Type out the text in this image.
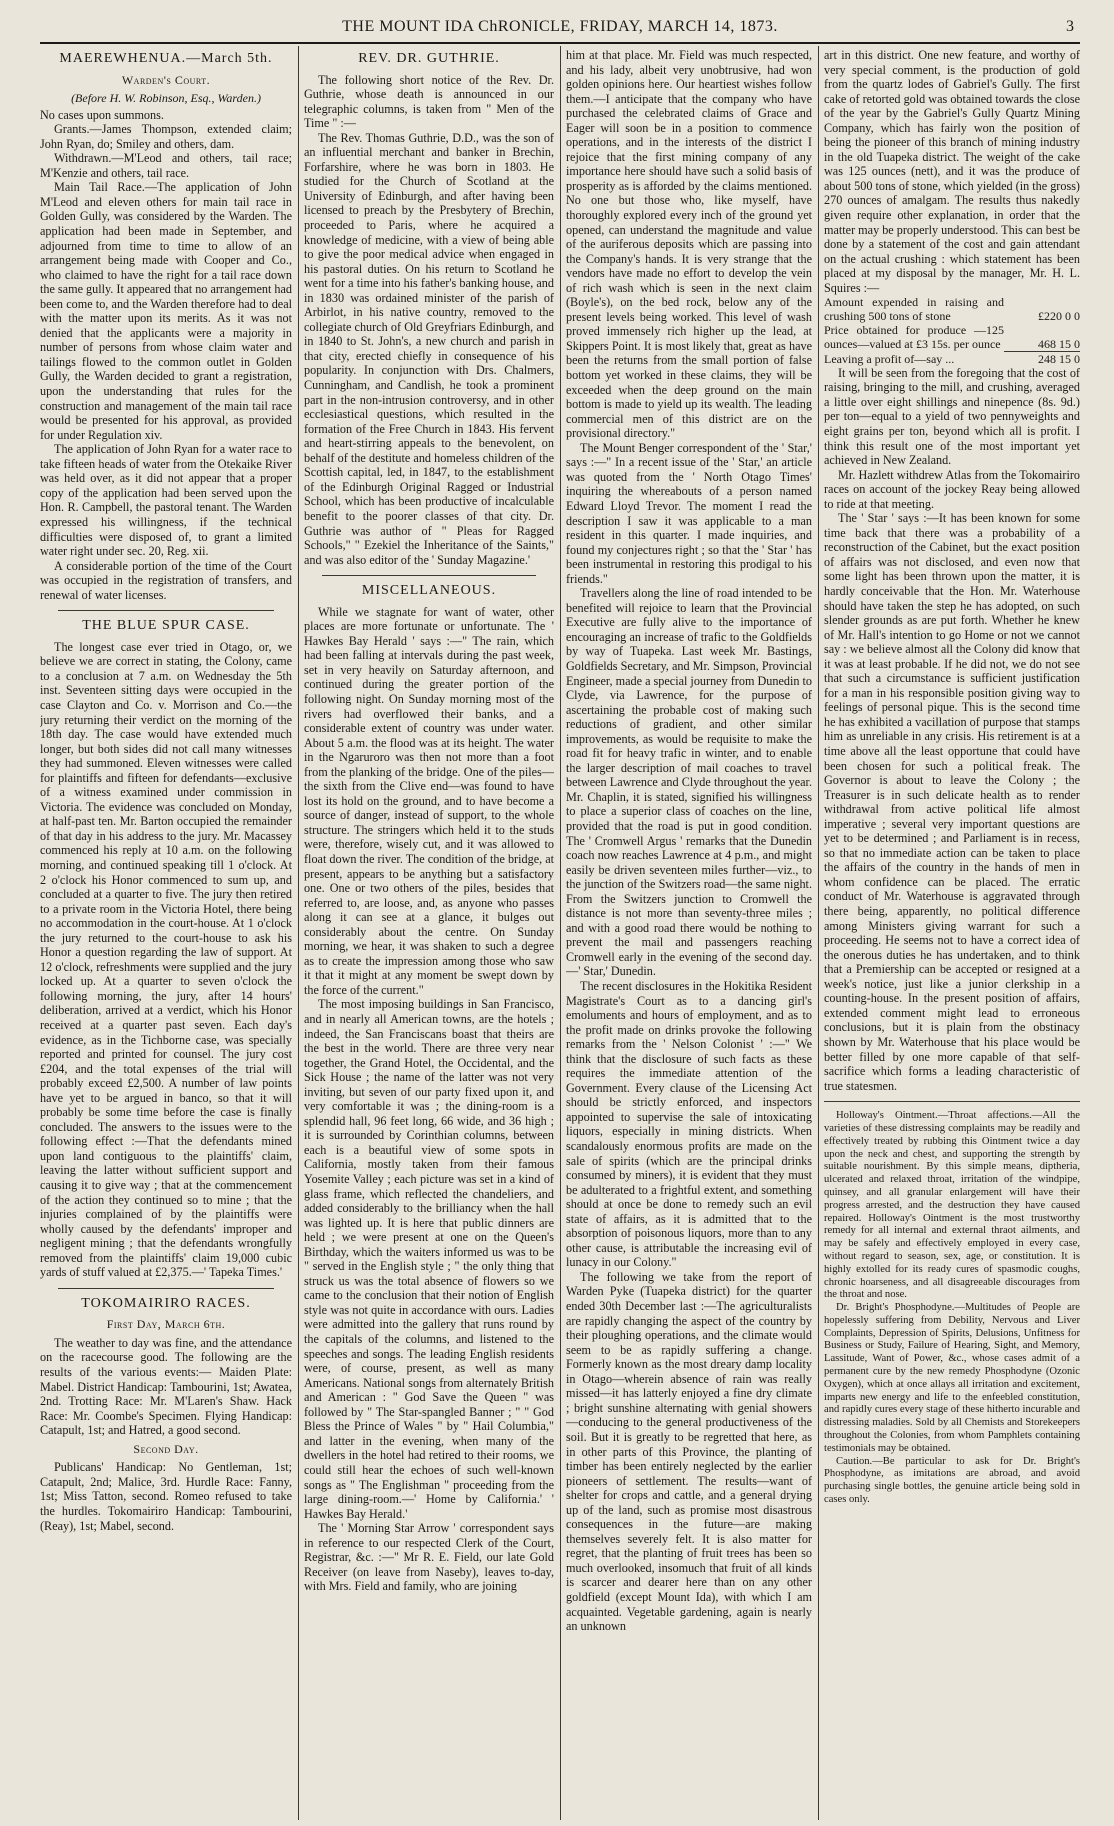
THE MOUNT IDA ChRONICLE, FRIDAY, MARCH 14, 1873.	3
MAEREWHENUA.—March 5th.
Warden's Court.
(Before H. W. Robinson, Esq., Warden.)

No cases upon summons.

Grants.—James Thompson, extended claim; John Ryan, do; Smiley and others, dam.

Withdrawn.—M'Leod and others, tail race; M'Kenzie and others, tail race.

Main Tail Race.—The application of John M'Leod and eleven others for main tail race in Golden Gully, was considered by the Warden. The application had been made in September, and adjourned from time to time to allow of an arrangement being made with Cooper and Co., who claimed to have the right for a tail race down the same gully. It appeared that no arrangement had been come to, and the Warden therefore had to deal with the matter upon its merits. As it was not denied that the applicants were a majority in number of persons from whose claim water and tailings flowed to the common outlet in Golden Gully, the Warden decided to grant a registration, upon the understanding that rules for the construction and management of the main tail race would be presented for his approval, as provided for under Regulation xiv.

The application of John Ryan for a water race to take fifteen heads of water from the Otekaike River was held over, as it did not appear that a proper copy of the application had been served upon the Hon. R. Campbell, the pastoral tenant. The Warden expressed his willingness, if the technical difficulties were disposed of, to grant a limited water right under sec. 20, Reg. xii.

A considerable portion of the time of the Court was occupied in the registration of transfers, and renewal of water licenses.

THE BLUE SPUR CASE.

The longest case ever tried in Otago, or, we believe we are correct in stating, the Colony, came to a conclusion at 7 a.m. on Wednesday the 5th inst. Seventeen sitting days were occupied in the case Clayton and Co. v. Morrison and Co.—the jury returning their verdict on the morning of the 18th day. The case would have extended much longer, but both sides did not call many witnesses they had summoned. Eleven witnesses were called for plaintiffs and fifteen for defendants—exclusive of a witness examined under commission in Victoria. The evidence was concluded on Monday, at half-past ten. Mr. Barton occupied the remainder of that day in his address to the jury. Mr. Macassey commenced his reply at 10 a.m. on the following morning, and continued speaking till 1 o'clock. At 2 o'clock his Honor commenced to sum up, and concluded at a quarter to five. The jury then retired to a private room in the Victoria Hotel, there being no accommodation in the court-house. At 1 o'clock the jury returned to the court-house to ask his Honor a question regarding the law of support. At 12 o'clock, refreshments were supplied and the jury locked up. At a quarter to seven o'clock the following morning, the jury, after 14 hours' deliberation, arrived at a verdict, which his Honor received at a quarter past seven. Each day's evidence, as in the Tichborne case, was specially reported and printed for counsel. The jury cost £204, and the total expenses of the trial will probably exceed £2,500. A number of law points have yet to be argued in banco, so that it will probably be some time before the case is finally concluded. The answers to the issues were to the following effect :—That the defendants mined upon land contiguous to the plaintiffs' claim, leaving the latter without sufficient support and causing it to give way ; that at the commencement of the action they continued so to mine ; that the injuries complained of by the plaintiffs were wholly caused by the defendants' improper and negligent mining ; that the defendants wrongfully removed from the plaintiffs' claim 19,000 cubic yards of stuff valued at £2,375.—' Tapeka Times.'

TOKOMAIRIRO RACES.
First Day, March 6th.

The weather to day was fine, and the attendance on the racecourse good. The following are the results of the various events:— Maiden Plate: Mabel. District Handicap: Tambourini, 1st; Awatea, 2nd. Trotting Race: Mr. M'Laren's Shaw. Hack Race: Mr. Coombe's Specimen. Flying Handicap: Catapult, 1st; and Hatred, a good second.

Second Day.

Publicans' Handicap: No Gentleman, 1st; Catapult, 2nd; Malice, 3rd. Hurdle Race: Fanny, 1st; Miss Tatton, second. Romeo refused to take the hurdles. Tokomairiro Handicap: Tambourini, (Reay), 1st; Mabel, second.

REV. DR. GUTHRIE.

The following short notice of the Rev. Dr. Guthrie, whose death is announced in our telegraphic columns, is taken from " Men of the Time " :—

The Rev. Thomas Guthrie, D.D., was the son of an influential merchant and banker in Brechin, Forfarshire, where he was born in 1803. He studied for the Church of Scotland at the University of Edinburgh, and after having been licensed to preach by the Presbytery of Brechin, proceeded to Paris, where he acquired a knowledge of medicine, with a view of being able to give the poor medical advice when engaged in his pastoral duties. On his return to Scotland he went for a time into his father's banking house, and in 1830 was ordained minister of the parish of Arbirlot, in his native country, removed to the collegiate church of Old Greyfriars Edinburgh, and in 1840 to St. John's, a new church and parish in that city, erected chiefly in consequence of his popularity. In conjunction with Drs. Chalmers, Cunningham, and Candlish, he took a prominent part in the non-intrusion controversy, and in other ecclesiastical questions, which resulted in the formation of the Free Church in 1843. His fervent and heart-stirring appeals to the benevolent, on behalf of the destitute and homeless children of the Scottish capital, led, in 1847, to the establishment of the Edinburgh Original Ragged or Industrial School, which has been productive of incalculable benefit to the poorer classes of that city. Dr. Guthrie was author of " Pleas for Ragged Schools," " Ezekiel the Inheritance of the Saints," and was also editor of the ' Sunday Magazine.'

MISCELLANEOUS.

While we stagnate for want of water, other places are more fortunate or unfortunate. The ' Hawkes Bay Herald ' says :—" The rain, which had been falling at intervals during the past week, set in very heavily on Saturday afternoon, and continued during the greater portion of the following night. On Sunday morning most of the rivers had overflowed their banks, and a considerable extent of country was under water. About 5 a.m. the flood was at its height. The water in the Ngaruroro was then not more than a foot from the planking of the bridge. One of the piles—the sixth from the Clive end—was found to have lost its hold on the ground, and to have become a source of danger, instead of support, to the whole structure. The stringers which held it to the studs were, therefore, wisely cut, and it was allowed to float down the river. The condition of the bridge, at present, appears to be anything but a satisfactory one. One or two others of the piles, besides that referred to, are loose, and, as anyone who passes along it can see at a glance, it bulges out considerably about the centre. On Sunday morning, we hear, it was shaken to such a degree as to create the impression among those who saw it that it might at any moment be swept down by the force of the current."

The most imposing buildings in San Francisco, and in nearly all American towns, are the hotels ; indeed, the San Franciscans boast that theirs are the best in the world. There are three very near together, the Grand Hotel, the Occidental, and the Sick House ; the name of the latter was not very inviting, but seven of our party fixed upon it, and very comfortable it was ; the dining-room is a splendid hall, 96 feet long, 66 wide, and 36 high ; it is surrounded by Corinthian columns, between each is a beautiful view of some spots in California, mostly taken from their famous Yosemite Valley ; each picture was set in a kind of glass frame, which reflected the chandeliers, and added considerably to the brilliancy when the hall was lighted up. It is here that public dinners are held ; we were present at one on the Queen's Birthday, which the waiters informed us was to be " served in the English style ; " the only thing that struck us was the total absence of flowers so we came to the conclusion that their notion of English style was not quite in accordance with ours. Ladies were admitted into the gallery that runs round by the capitals of the columns, and listened to the speeches and songs. The leading English residents were, of course, present, as well as many Americans. National songs from alternately British and American : " God Save the Queen " was followed by " The Star-spangled Banner ; " " God Bless the Prince of Wales " by " Hail Columbia," and latter in the evening, when many of the dwellers in the hotel had retired to their rooms, we could still hear the echoes of such well-known songs as " The Englishman " proceeding from the large dining-room.—' Home by California.' ' Hawkes Bay Herald.'

The ' Morning Star Arrow ' correspondent says in reference to our respected Clerk of the Court, Registrar, &c. :—" Mr R. E. Field, our late Gold Receiver (on leave from Naseby), leaves to-day, with Mrs. Field and family, who are joining

him at that place. Mr. Field was much respected, and his lady, albeit very unobtrusive, had won golden opinions here. Our heartiest wishes follow them.—I anticipate that the company who have purchased the celebrated claims of Grace and Eager will soon be in a position to commence operations, and in the interests of the district I rejoice that the first mining company of any importance here should have such a solid basis of prosperity as is afforded by the claims mentioned. No one but those who, like myself, have thoroughly explored every inch of the ground yet opened, can understand the magnitude and value of the auriferous deposits which are passing into the Company's hands. It is very strange that the vendors have made no effort to develop the vein of rich wash which is seen in the next claim (Boyle's), on the bed rock, below any of the present levels being worked. This level of wash proved immensely rich higher up the lead, at Skippers Point. It is most likely that, great as have been the returns from the small portion of false bottom yet worked in these claims, they will be exceeded when the deep ground on the main bottom is made to yield up its wealth. The leading commercial men of this district are on the provisional directory."

The Mount Benger correspondent of the ' Star,' says :—" In a recent issue of the ' Star,' an article was quoted from the ' North Otago Times' inquiring the whereabouts of a person named Edward Lloyd Trevor. The moment I read the description I saw it was applicable to a man resident in this quarter. I made inquiries, and found my conjectures right ; so that the ' Star ' has been instrumental in restoring this prodigal to his friends."

Travellers along the line of road intended to be benefited will rejoice to learn that the Provincial Executive are fully alive to the importance of encouraging an increase of trafic to the Goldfields by way of Tuapeka. Last week Mr. Bastings, Goldfields Secretary, and Mr. Simpson, Provincial Engineer, made a special journey from Dunedin to Clyde, via Lawrence, for the purpose of ascertaining the probable cost of making such reductions of gradient, and other similar improvements, as would be requisite to make the road fit for heavy trafic in winter, and to enable the larger description of mail coaches to travel between Lawrence and Clyde throughout the year. Mr. Chaplin, it is stated, signified his willingness to place a superior class of coaches on the line, provided that the road is put in good condition. The ' Cromwell Argus ' remarks that the Dunedin coach now reaches Lawrence at 4 p.m., and might easily be driven seventeen miles further—viz., to the junction of the Switzers road—the same night. From the Switzers junction to Cromwell the distance is not more than seventy-three miles ; and with a good road there would be nothing to prevent the mail and passengers reaching Cromwell early in the evening of the second day.—' Star,' Dunedin.

The recent disclosures in the Hokitika Resident Magistrate's Court as to a dancing girl's emoluments and hours of employment, and as to the profit made on drinks provoke the following remarks from the ' Nelson Colonist ' :—" We think that the disclosure of such facts as these requires the immediate attention of the Government. Every clause of the Licensing Act should be strictly enforced, and inspectors appointed to supervise the sale of intoxicating liquors, especially in mining districts. When scandalously enormous profits are made on the sale of spirits (which are the principal drinks consumed by miners), it is evident that they must be adulterated to a frightful extent, and something should at once be done to remedy such an evil state of affairs, as it is admitted that to the absorption of poisonous liquors, more than to any other cause, is attributable the increasing evil of lunacy in our Colony."

The following we take from the report of Warden Pyke (Tuapeka district) for the quarter ended 30th December last :—The agriculturalists are rapidly changing the aspect of the country by their ploughing operations, and the climate would seem to be as rapidly suffering a change. Formerly known as the most dreary damp locality in Otago—wherein absence of rain was really missed—it has latterly enjoyed a fine dry climate ; bright sunshine alternating with genial showers—conducing to the general productiveness of the soil. But it is greatly to be regretted that here, as in other parts of this Province, the planting of timber has been entirely neglected by the earlier pioneers of settlement. The results—want of shelter for crops and cattle, and a general drying up of the land, such as promise most disastrous consequences in the future—are making themselves severely felt. It is also matter for regret, that the planting of fruit trees has been so much overlooked, insomuch that fruit of all kinds is scarcer and dearer here than on any other goldfield (except Mount Ida), with which I am acquainted. Vegetable gardening, again is nearly an unknown

art in this district. One new feature, and worthy of very special comment, is the production of gold from the quartz lodes of Gabriel's Gully. The first cake of retorted gold was obtained towards the close of the year by the Gabriel's Gully Quartz Mining Company, which has fairly won the position of being the pioneer of this branch of mining industry in the old Tuapeka district. The weight of the cake was 125 ounces (nett), and it was the produce of about 500 tons of stone, which yielded (in the gross) 270 ounces of amalgam. The results thus nakedly given require other explanation, in order that the matter may be properly understood. This can best be done by a statement of the cost and gain attendant on the actual crushing : which statement has been placed at my disposal by the manager, Mr. H. L. Squires :—

Amount expended in raising and crushing 500 tons of stone	£220 0 0
Price obtained for produce —125 ounces—valued at £3 15s. per ounce	468 15 0
Leaving a profit of—say ...	248 15 0

It will be seen from the foregoing that the cost of raising, bringing to the mill, and crushing, averaged a little over eight shillings and ninepence (8s. 9d.) per ton—equal to a yield of two pennyweights and eight grains per ton, beyond which all is profit. I think this result one of the most important yet achieved in New Zealand.

Mr. Hazlett withdrew Atlas from the Tokomairiro races on account of the jockey Reay being allowed to ride at that meeting.

The ' Star ' says :—It has been known for some time back that there was a probability of a reconstruction of the Cabinet, but the exact position of affairs was not disclosed, and even now that some light has been thrown upon the matter, it is hardly conceivable that the Hon. Mr. Waterhouse should have taken the step he has adopted, on such slender grounds as are put forth. Whether he knew of Mr. Hall's intention to go Home or not we cannot say : we believe almost all the Colony did know that it was at least probable. If he did not, we do not see that such a circumstance is sufficient justification for a man in his responsible position giving way to feelings of personal pique. This is the second time he has exhibited a vacillation of purpose that stamps him as unreliable in any crisis. His retirement is at a time above all the least opportune that could have been chosen for such a political freak. The Governor is about to leave the Colony ; the Treasurer is in such delicate health as to render withdrawal from active political life almost imperative ; several very important questions are yet to be determined ; and Parliament is in recess, so that no immediate action can be taken to place the affairs of the country in the hands of men in whom confidence can be placed. The erratic conduct of Mr. Waterhouse is aggravated through there being, apparently, no political difference among Ministers giving warrant for such a proceeding. He seems not to have a correct idea of the onerous duties he has undertaken, and to think that a Premiership can be accepted or resigned at a week's notice, just like a junior clerkship in a counting-house. In the present position of affairs, extended comment might lead to erroneous conclusions, but it is plain from the obstinacy shown by Mr. Waterhouse that his place would be better filled by one more capable of that self-sacrifice which forms a leading characteristic of true statesmen.

Holloway's Ointment.—Throat affections.—All the varieties of these distressing complaints may be readily and effectively treated by rubbing this Ointment twice a day upon the neck and chest, and supporting the strength by suitable nourishment. By this simple means, diptheria, ulcerated and relaxed throat, irritation of the windpipe, quinsey, and all granular enlargement will have their progress arrested, and the destruction they have caused repaired. Holloway's Ointment is the most trustworthy remedy for all internal and external thraot ailments, and may be safely and effectively employed in every case, without regard to season, sex, age, or constitution. It is highly extolled for its ready cures of spasmodic coughs, chronic hoarseness, and all disagreeable discourages from the throat and nose.

Dr. Bright's Phosphodyne.—Multitudes of People are hopelessly suffering from Debility, Nervous and Liver Complaints, Depression of Spirits, Delusions, Unfitness for Business or Study, Failure of Hearing, Sight, and Memory, Lassitude, Want of Power, &c., whose cases admit of a permanent cure by the new remedy Phosphodyne (Ozonic Oxygen), which at once allays all irritation and excitement, imparts new energy and life to the enfeebled constitution, and rapidly cures every stage of these hitherto incurable and distressing maladies. Sold by all Chemists and Storekeepers throughout the Colonies, from whom Pamphlets containing testimonials may be obtained.

Caution.—Be particular to ask for Dr. Bright's Phosphodyne, as imitations are abroad, and avoid purchasing single bottles, the genuine article being sold in cases only.
